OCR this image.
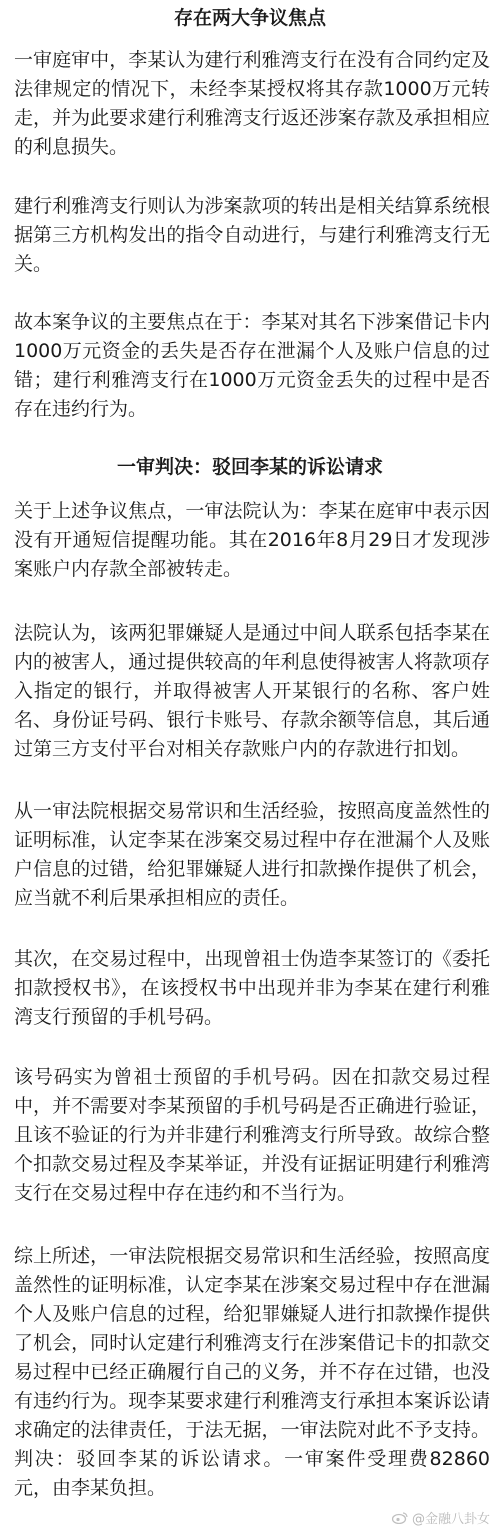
存在两大争议焦点

一审庭审中，李某认为建行利雅湾支行在没有合同约定及法律规定的情况下，未经李某授权将其存款1000万元转走，并为此要求建行利雅湾支行返还涉案存款及承担相应的利息损失。

建行利雅湾支行则认为涉案款项的转出是相关结算系统根据第三方机构发出的指令自动进行，与建行利雅湾支行无关。

故本案争议的主要焦点在于：李某对其名下涉案借记卡内1000万元资金的丢失是否存在泄漏个人及账户信息的过错；建行利雅湾支行在1000万元资金丢失的过程中是否存在违约行为。

一审判决：驳回李某的诉讼请求

关于上述争议焦点，一审法院认为：李某在庭审中表示因没有开通短信提醒功能。其在2016年8月29日才发现涉案账户内存款全部被转走。

法院认为，该两犯罪嫌疑人是通过中间人联系包括李某在内的被害人，通过提供较高的年利息使得被害人将款项存入指定的银行，并取得被害人开某银行的名称、客户姓名、身份证号码、银行卡账号、存款余额等信息，其后通过第三方支付平台对相关存款账户内的存款进行扣划。

从一审法院根据交易常识和生活经验，按照高度盖然性的证明标准，认定李某在涉案交易过程中存在泄漏个人及账户信息的过错，给犯罪嫌疑人进行扣款操作提供了机会，应当就不利后果承担相应的责任。

其次，在交易过程中，出现曾祖士伪造李某签订的《委托扣款授权书》，在该授权书中出现并非为李某在建行利雅湾支行预留的手机号码。

该号码实为曾祖士预留的手机号码。因在扣款交易过程中，并不需要对李某预留的手机号码是否正确进行验证，且该不验证的行为并非建行利雅湾支行所导致。故综合整个扣款交易过程及李某举证，并没有证据证明建行利雅湾支行在交易过程中存在违约和不当行为。

综上所述，一审法院根据交易常识和生活经验，按照高度盖然性的证明标准，认定李某在涉案交易过程中存在泄漏个人及账户信息的过程，给犯罪嫌疑人进行扣款操作提供了机会，同时认定建行利雅湾支行在涉案借记卡的扣款交易过程中已经正确履行自己的义务，并不存在过错，也没有违约行为。现李某要求建行利雅湾支行承担本案诉讼请求确定的法律责任，于法无据，一审法院对此不予支持。判决：驳回李某的诉讼请求。一审案件受理费82860元，由李某负担。

@金融八卦女
